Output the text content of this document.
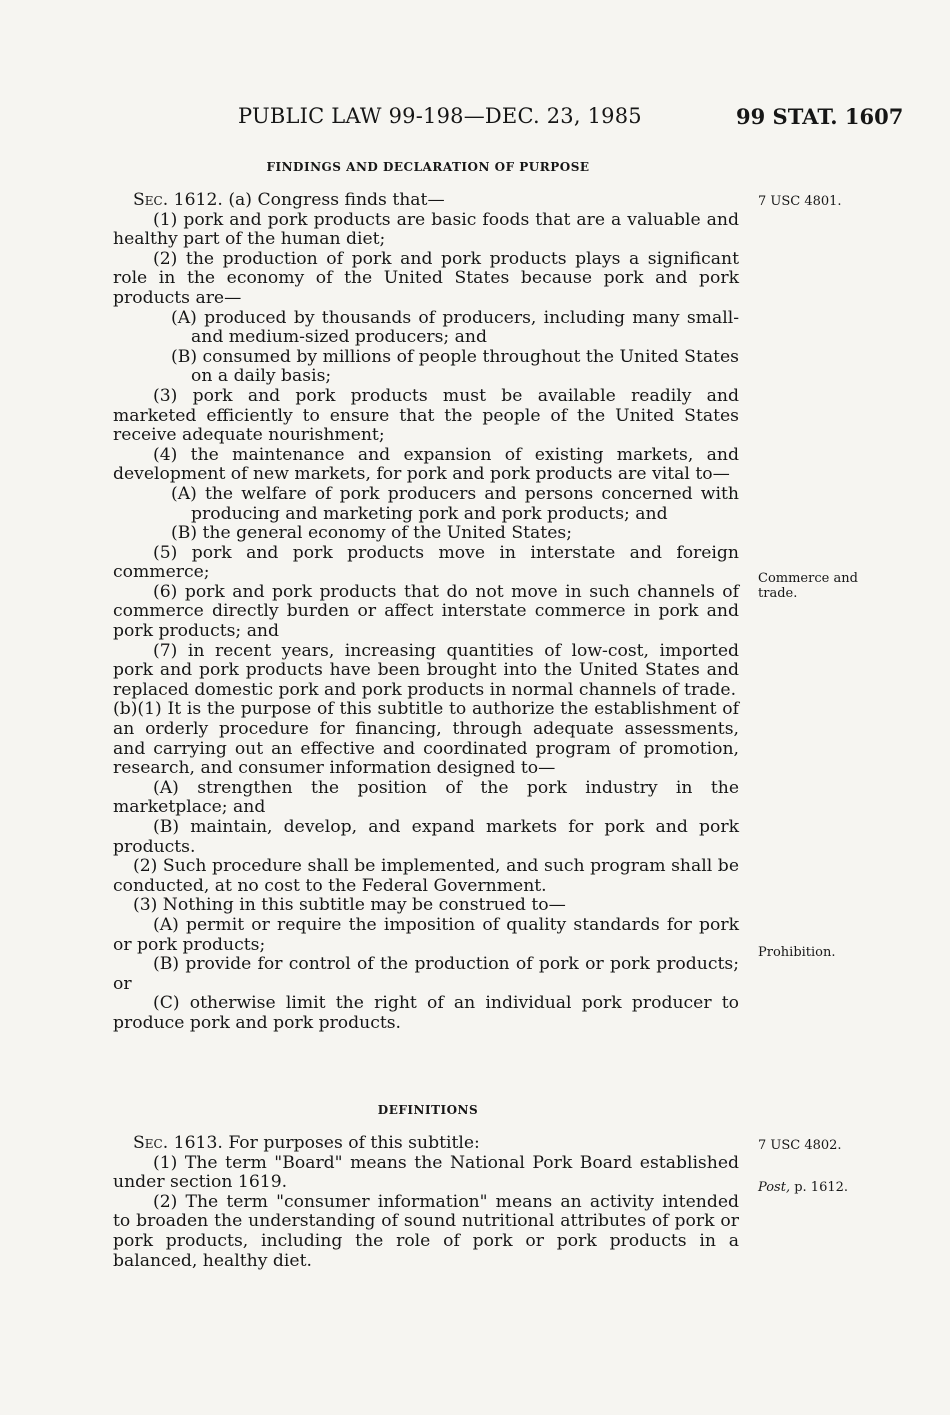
PUBLIC LAW 99-198—DEC. 23, 1985	99 STAT. 1607
FINDINGS AND DECLARATION OF PURPOSE

Sec. 1612. (a) Congress finds that—

(1) pork and pork products are basic foods that are a valuable and healthy part of the human diet;

(2) the production of pork and pork products plays a significant role in the economy of the United States because pork and pork products are—

(A) produced by thousands of producers, including many small- and medium-sized producers; and

(B) consumed by millions of people throughout the United States on a daily basis;

(3) pork and pork products must be available readily and marketed efficiently to ensure that the people of the United States receive adequate nourishment;

(4) the maintenance and expansion of existing markets, and development of new markets, for pork and pork products are vital to—

(A) the welfare of pork producers and persons concerned with producing and marketing pork and pork products; and

(B) the general economy of the United States;

(5) pork and pork products move in interstate and foreign commerce;

(6) pork and pork products that do not move in such channels of commerce directly burden or affect interstate commerce in pork and pork products; and

(7) in recent years, increasing quantities of low-cost, imported pork and pork products have been brought into the United States and replaced domestic pork and pork products in normal channels of trade.

(b)(1) It is the purpose of this subtitle to authorize the establishment of an orderly procedure for financing, through adequate assessments, and carrying out an effective and coordinated program of promotion, research, and consumer information designed to—

(A) strengthen the position of the pork industry in the marketplace; and

(B) maintain, develop, and expand markets for pork and pork products.

(2) Such procedure shall be implemented, and such program shall be conducted, at no cost to the Federal Government.

(3) Nothing in this subtitle may be construed to—

(A) permit or require the imposition of quality standards for pork or pork products;

(B) provide for control of the production of pork or pork products; or

(C) otherwise limit the right of an individual pork producer to produce pork and pork products.

DEFINITIONS

Sec. 1613. For purposes of this subtitle:

(1) The term "Board" means the National Pork Board established under section 1619.

(2) The term "consumer information" means an activity intended to broaden the understanding of sound nutritional attributes of pork or pork products, including the role of pork or pork products in a balanced, healthy diet.

7 USC 4801.
Commerce and trade.
Prohibition.
7 USC 4802.
Post, p. 1612.
